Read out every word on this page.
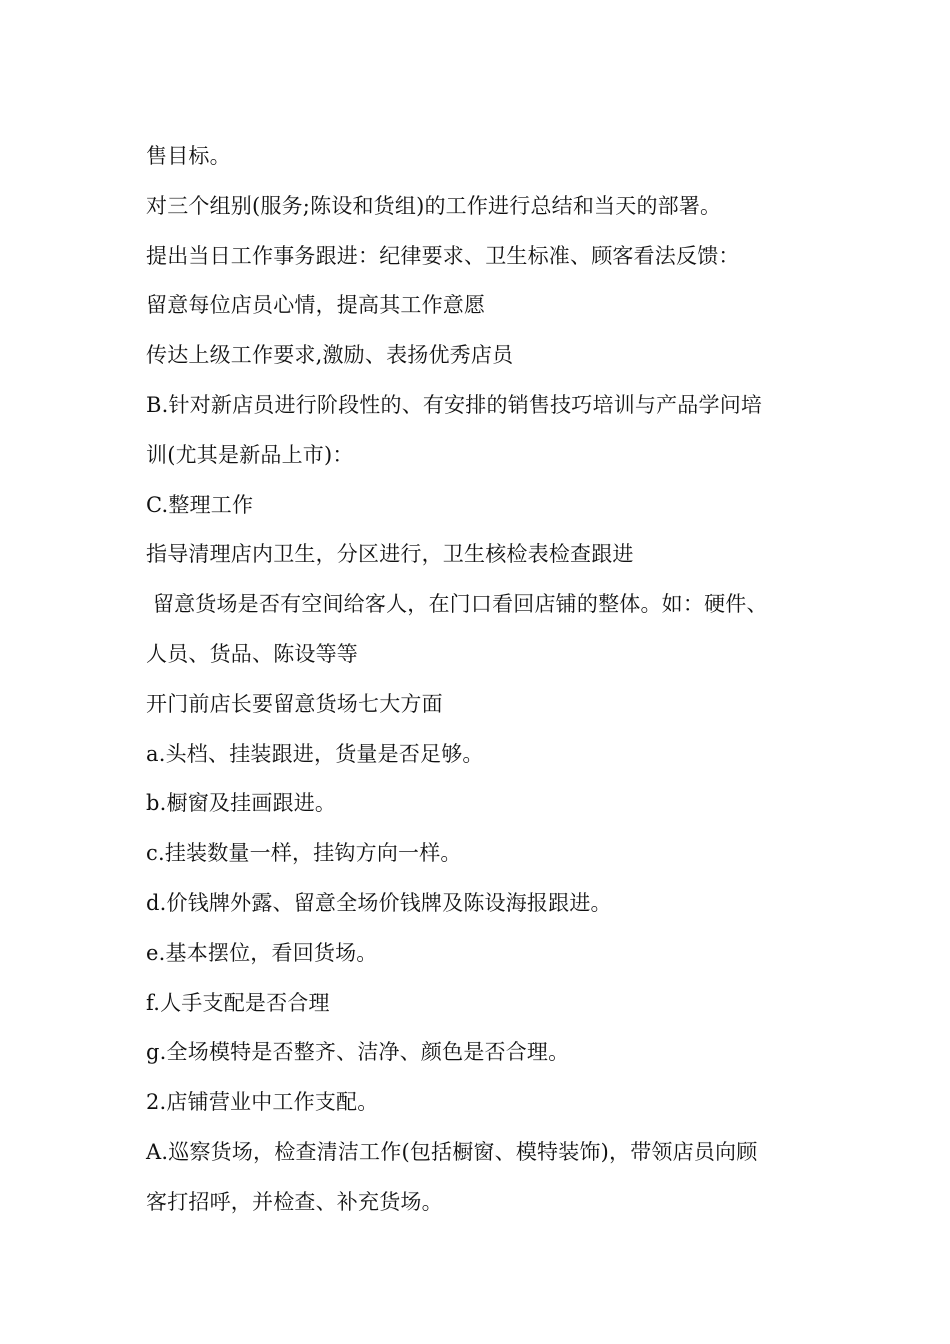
售目标。
对三个组别(服务;陈设和货组)的工作进行总结和当天的部署。
提出当日工作事务跟进：纪律要求、卫生标准、顾客看法反馈：
留意每位店员心情，提高其工作意愿
传达上级工作要求,激励、表扬优秀店员
B.针对新店员进行阶段性的、有安排的销售技巧培训与产品学问培
训(尤其是新品上市)：
C.整理工作
指导清理店内卫生，分区进行，卫生核检表检查跟进
留意货场是否有空间给客人，在门口看回店铺的整体。如：硬件、
人员、货品、陈设等等
开门前店长要留意货场七大方面
a.头档、挂装跟进，货量是否足够。
b.橱窗及挂画跟进。
c.挂装数量一样，挂钩方向一样。
d.价钱牌外露、留意全场价钱牌及陈设海报跟进。
e.基本摆位，看回货场。
f.人手支配是否合理
g.全场模特是否整齐、洁净、颜色是否合理。
2.店铺营业中工作支配。
A.巡察货场，检查清洁工作(包括橱窗、模特装饰)，带领店员向顾
客打招呼，并检查、补充货场。
